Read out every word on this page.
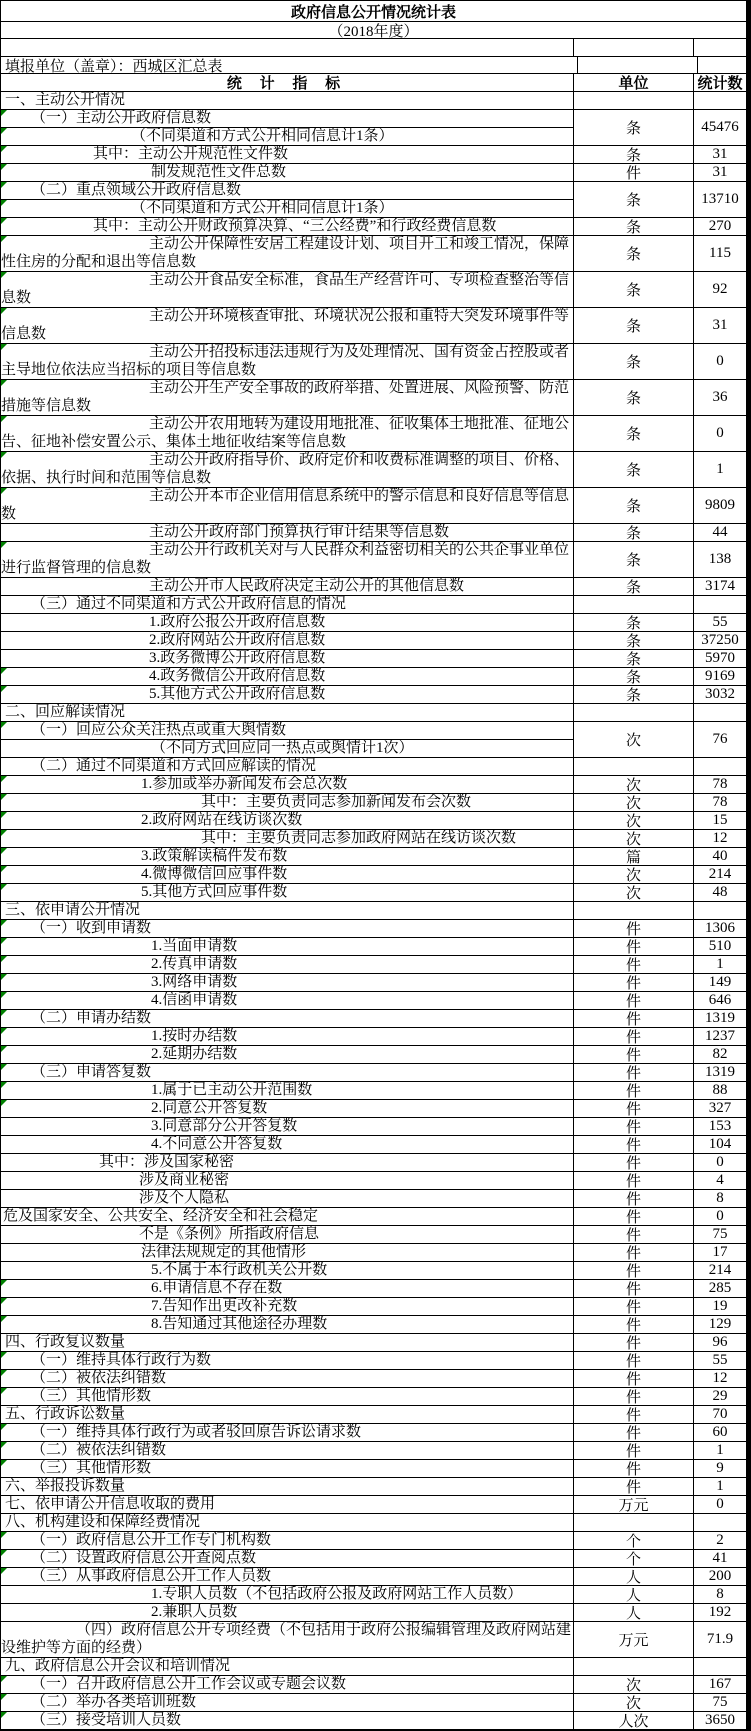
政府信息公开情况统计表
（2018年度）
填报单位（盖章）：西城区汇总表
统 计 指 标	单位	统计数
一、主动公开情况
（一）主动公开政府信息数
（不同渠道和方式公开相同信息计1条）	条	45476
其中：主动公开规范性文件数	条	31
制发规范性文件总数	件	31
（二）重点领域公开政府信息数
（不同渠道和方式公开相同信息计1条）	条	13710
其中：主动公开财政预算决算、“三公经费”和行政经费信息数	条	270
主动公开保障性安居工程建设计划、项目开工和竣工情况，保障性住房的分配和退出等信息数	条	115
主动公开食品安全标准，食品生产经营许可、专项检查整治等信息数	条	92
主动公开环境核查审批、环境状况公报和重特大突发环境事件等信息数	条	31
主动公开招投标违法违规行为及处理情况、国有资金占控股或者主导地位依法应当招标的项目等信息数	条	0
主动公开生产安全事故的政府举措、处置进展、风险预警、防范措施等信息数	条	36
主动公开农用地转为建设用地批准、征收集体土地批准、征地公告、征地补偿安置公示、集体土地征收结案等信息数	条	0
主动公开政府指导价、政府定价和收费标准调整的项目、价格、依据、执行时间和范围等信息数	条	1
主动公开本市企业信用信息系统中的警示信息和良好信息等信息数	条	9809
主动公开政府部门预算执行审计结果等信息数	条	44
主动公开行政机关对与人民群众利益密切相关的公共企事业单位进行监督管理的信息数	条	138
主动公开市人民政府决定主动公开的其他信息数	条	3174
（三）通过不同渠道和方式公开政府信息的情况
1.政府公报公开政府信息数	条	55
2.政府网站公开政府信息数	条	37250
3.政务微博公开政府信息数	条	5970
4.政务微信公开政府信息数	条	9169
5.其他方式公开政府信息数	条	3032
二、回应解读情况
（一）回应公众关注热点或重大舆情数
（不同方式回应同一热点或舆情计1次）	次	76
（二）通过不同渠道和方式回应解读的情况
1.参加或举办新闻发布会总次数	次	78
其中：主要负责同志参加新闻发布会次数	次	78
2.政府网站在线访谈次数	次	15
其中：主要负责同志参加政府网站在线访谈次数	次	12
3.政策解读稿件发布数	篇	40
4.微博微信回应事件数	次	214
5.其他方式回应事件数	次	48
三、依申请公开情况
（一）收到申请数	件	1306
1.当面申请数	件	510
2.传真申请数	件	1
3.网络申请数	件	149
4.信函申请数	件	646
（二）申请办结数	件	1319
1.按时办结数	件	1237
2.延期办结数	件	82
（三）申请答复数	件	1319
1.属于已主动公开范围数	件	88
2.同意公开答复数	件	327
3.同意部分公开答复数	件	153
4.不同意公开答复数	件	104
其中：涉及国家秘密	件	0
涉及商业秘密	件	4
涉及个人隐私	件	8
危及国家安全、公共安全、经济安全和社会稳定	件	0
不是《条例》所指政府信息	件	75
法律法规规定的其他情形	件	17
5.不属于本行政机关公开数	件	214
6.申请信息不存在数	件	285
7.告知作出更改补充数	件	19
8.告知通过其他途径办理数	件	129
四、行政复议数量	件	96
（一）维持具体行政行为数	件	55
（二）被依法纠错数	件	12
（三）其他情形数	件	29
五、行政诉讼数量	件	70
（一）维持具体行政行为或者驳回原告诉讼请求数	件	60
（二）被依法纠错数	件	1
（三）其他情形数	件	9
六、举报投诉数量	件	1
七、依申请公开信息收取的费用	万元	0
八、机构建设和保障经费情况
（一）政府信息公开工作专门机构数	个	2
（二）设置政府信息公开查阅点数	个	41
（三）从事政府信息公开工作人员数	人	200
1.专职人员数（不包括政府公报及政府网站工作人员数）	人	8
2.兼职人员数	人	192
（四）政府信息公开专项经费（不包括用于政府公报编辑管理及政府网站建设维护等方面的经费）	万元	71.9
九、政府信息公开会议和培训情况
（一）召开政府信息公开工作会议或专题会议数	次	167
（二）举办各类培训班数	次	75
（三）接受培训人员数	人次	3650
